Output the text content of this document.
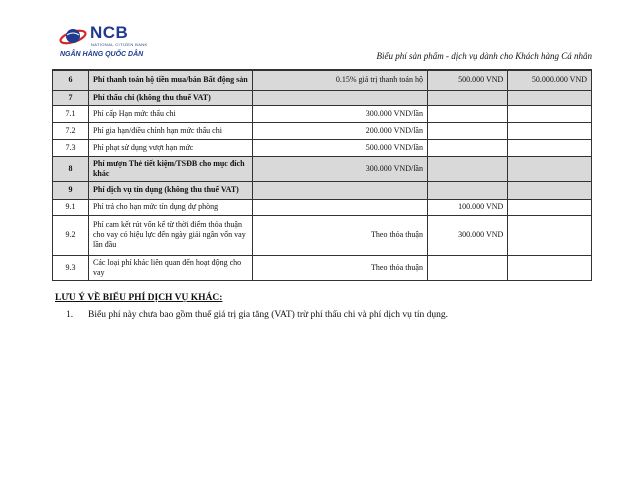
NCB
NATIONAL CITIZEN BANK
NGÂN HÀNG QUỐC DÂN	Biểu phí sản phẩm - dịch vụ dành cho Khách hàng Cá nhân
6	Phí thanh toán hộ tiền mua/bán Bất động sản	0.15% giá trị thanh toán hộ	500.000 VND	50.000.000 VND
7	Phí thấu chi (không thu thuế VAT)			
7.1	Phí cấp Hạn mức thấu chi	300.000 VND/lần		
7.2	Phí gia hạn/điều chỉnh hạn mức thấu chi	200.000 VND/lần		
7.3	Phí phạt sử dụng vượt hạn mức	500.000 VND/lần		
8	Phí mượn Thẻ tiết kiệm/TSĐB cho mục đích khác	300.000 VND/lần		
9	Phí dịch vụ tín dụng (không thu thuế VAT)			
9.1	Phí trả cho hạn mức tín dụng dự phòng		100.000 VND	
9.2	Phí cam kết rút vốn kể từ thời điểm thỏa thuận cho vay có hiệu lực đến ngày giải ngân vốn vay lần đầu	Theo thỏa thuận	300.000 VND	
9.3	Các loại phí khác liên quan đến hoạt động cho vay	Theo thỏa thuận		
LƯU Ý VỀ BIỂU PHÍ DỊCH VỤ KHÁC:
1. Biểu phí này chưa bao gồm thuế giá trị gia tăng (VAT) trừ phí thấu chi và phí dịch vụ tín dụng.
